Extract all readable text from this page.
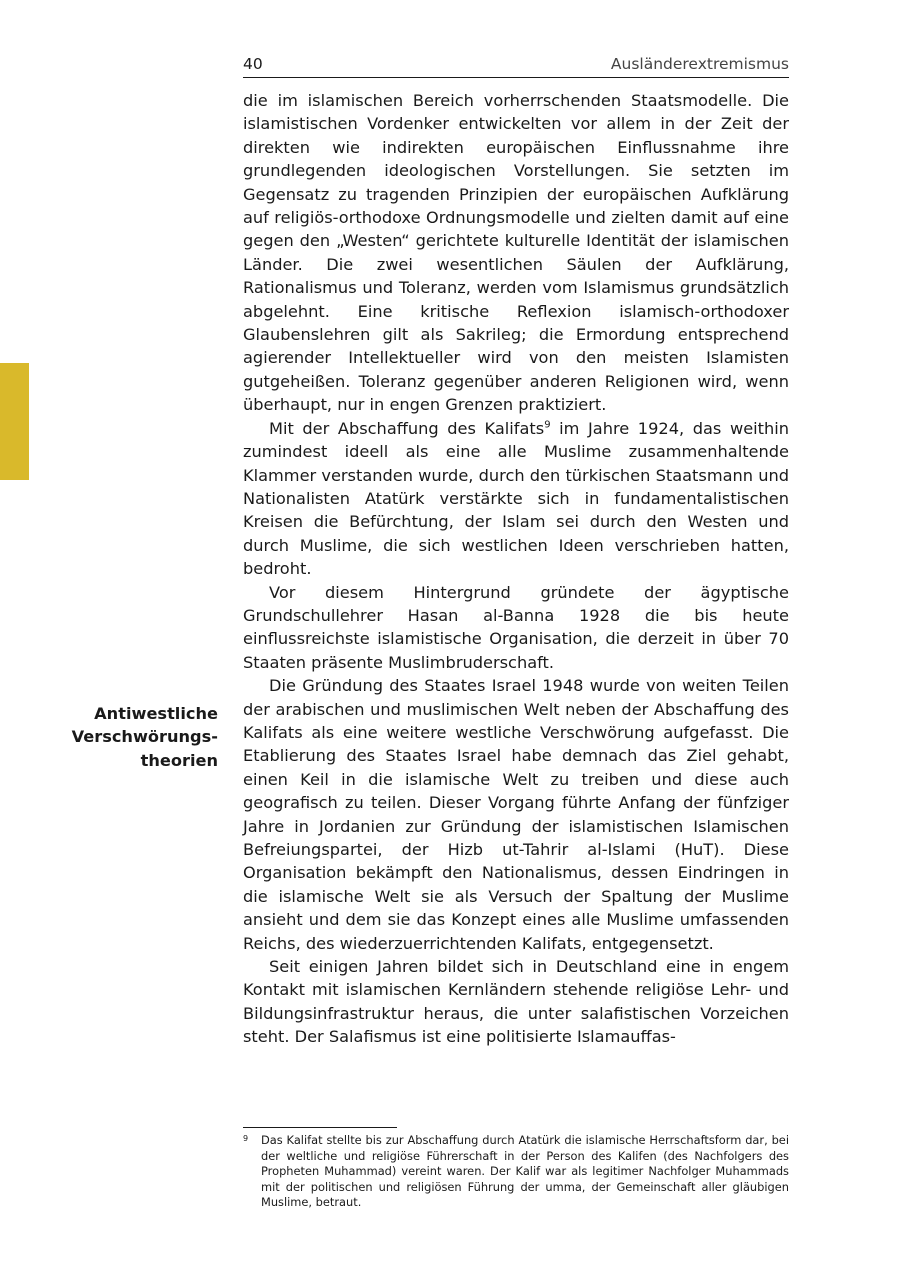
40	Ausländerextremismus

Antiwestliche
Verschwörungs-
theorien

die im islamischen Bereich vorherrschenden Staatsmodelle. Die islamistischen Vordenker entwickelten vor allem in der Zeit der direkten wie indirekten europäischen Einflussnahme ihre grundlegenden ideologischen Vorstellungen. Sie setzten im Gegensatz zu tragenden Prinzipien der europäischen Aufklärung auf religiös-orthodoxe Ordnungsmodelle und zielten damit auf eine gegen den „Westen“ gerichtete kulturelle Identität der islamischen Länder. Die zwei wesentlichen Säulen der Aufklärung, Rationalismus und Toleranz, werden vom Islamismus grundsätzlich abgelehnt. Eine kritische Reflexion islamisch-orthodoxer Glaubenslehren gilt als Sakrileg; die Ermordung entsprechend agierender Intellektueller wird von den meisten Islamisten gutgeheißen. Toleranz gegenüber anderen Religionen wird, wenn überhaupt, nur in engen Grenzen praktiziert.

Mit der Abschaffung des Kalifats$^9$ im Jahre 1924, das weithin zumindest ideell als eine alle Muslime zusammenhaltende Klammer verstanden wurde, durch den türkischen Staatsmann und Nationalisten Atatürk verstärkte sich in fundamentalistischen Kreisen die Befürchtung, der Islam sei durch den Westen und durch Muslime, die sich westlichen Ideen verschrieben hatten, bedroht.

Vor diesem Hintergrund gründete der ägyptische Grundschullehrer Hasan al-Banna 1928 die bis heute einflussreichste islamistische Organisation, die derzeit in über 70 Staaten präsente Muslimbruderschaft.

Die Gründung des Staates Israel 1948 wurde von weiten Teilen der arabischen und muslimischen Welt neben der Abschaffung des Kalifats als eine weitere westliche Verschwörung aufgefasst. Die Etablierung des Staates Israel habe demnach das Ziel gehabt, einen Keil in die islamische Welt zu treiben und diese auch geografisch zu teilen. Dieser Vorgang führte Anfang der fünfziger Jahre in Jordanien zur Gründung der islamistischen Islamischen Befreiungspartei, der Hizb ut-Tahrir al-Islami (HuT). Diese Organisation bekämpft den Nationalismus, dessen Eindringen in die islamische Welt sie als Versuch der Spaltung der Muslime ansieht und dem sie das Konzept eines alle Muslime umfassenden Reichs, des wiederzuerrichtenden Kalifats, entgegensetzt.

Seit einigen Jahren bildet sich in Deutschland eine in engem Kontakt mit islamischen Kernländern stehende religiöse Lehr- und Bildungsinfrastruktur heraus, die unter salafistischen Vorzeichen steht. Der Salafismus ist eine politisierte Islamauffas-

9	Das Kalifat stellte bis zur Abschaffung durch Atatürk die islamische Herrschaftsform dar, bei der weltliche und religiöse Führerschaft in der Person des Kalifen (des Nachfolgers des Propheten Muhammad) vereint waren. Der Kalif war als legitimer Nachfolger Muhammads mit der politischen und religiösen Führung der umma, der Gemeinschaft aller gläubigen Muslime, betraut.
